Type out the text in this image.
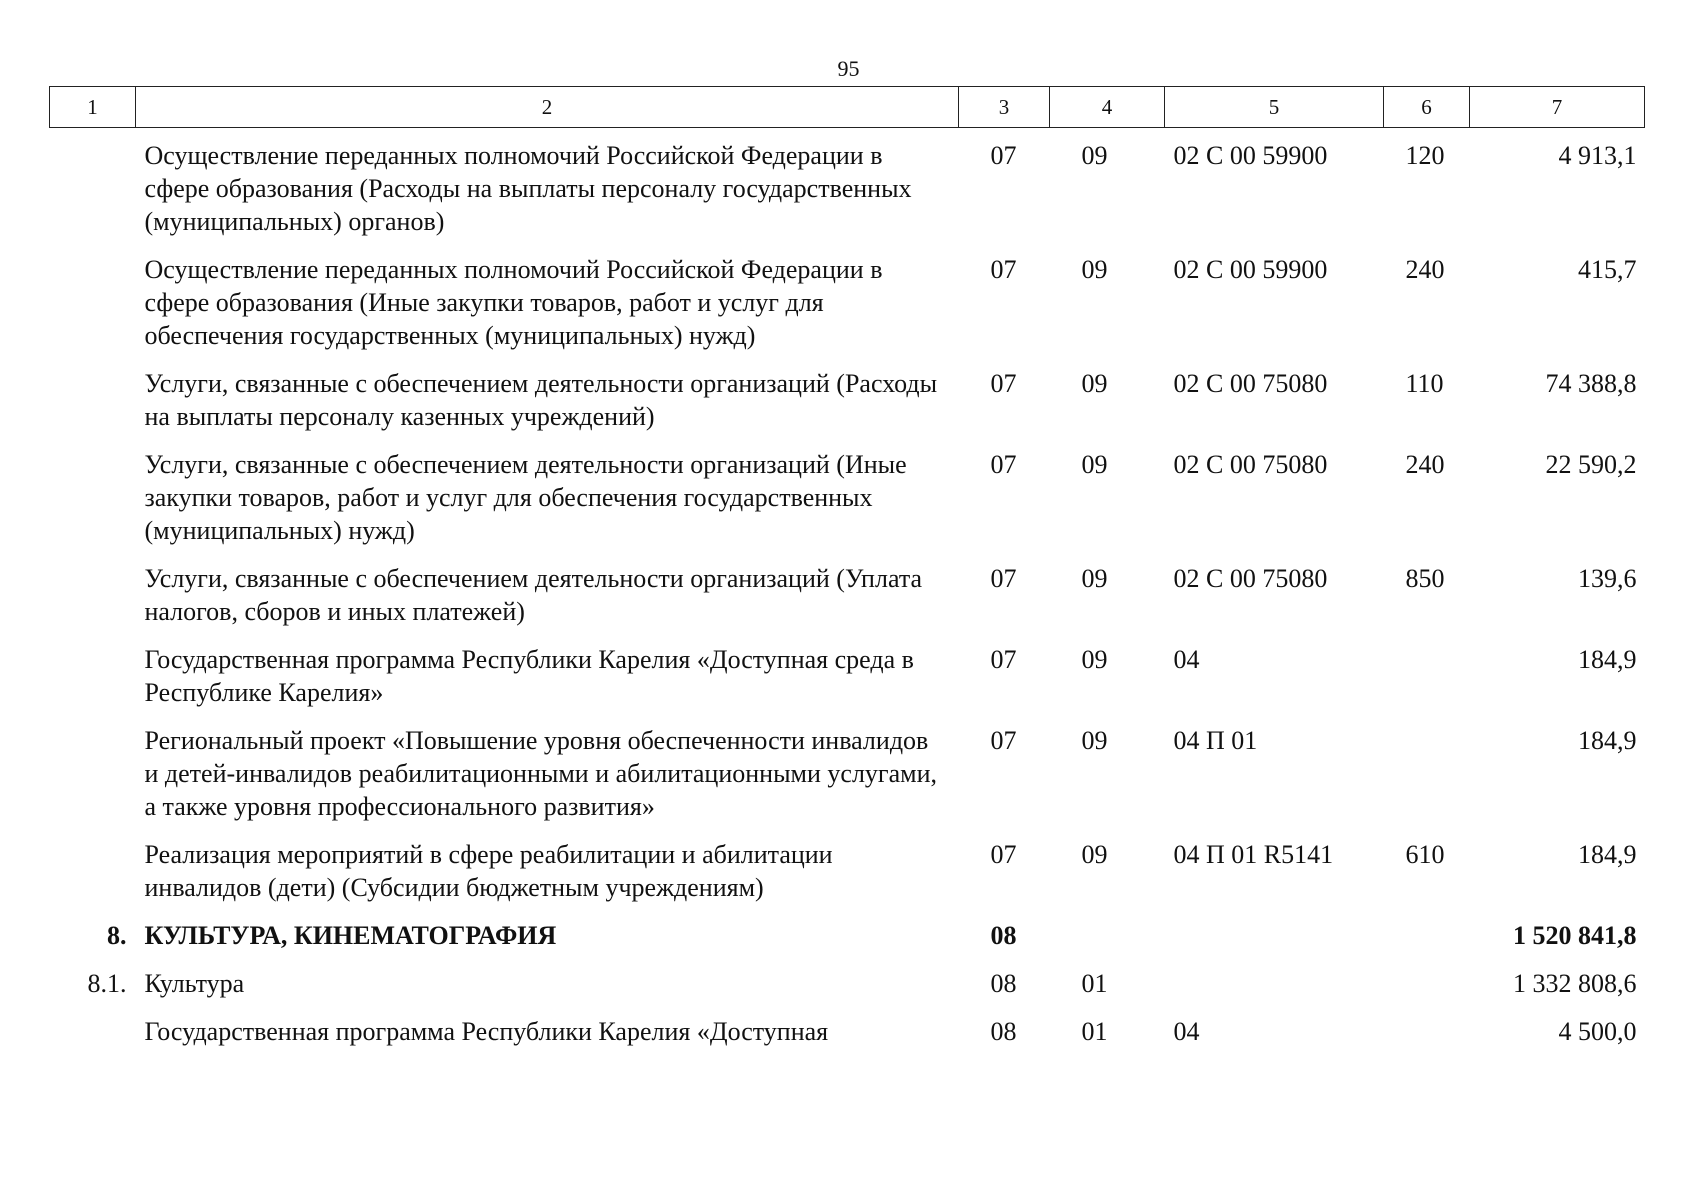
95
1	2	3	4	5	6	7
	Осуществление переданных полномочий Российской Федерации в сфере образования (Расходы на выплаты персоналу государственных (муниципальных) органов)	07	09	02 С 00 59900	120	4 913,1
	Осуществление переданных полномочий Российской Федерации в сфере образования (Иные закупки товаров, работ и услуг для обеспечения государственных (муниципальных) нужд)	07	09	02 С 00 59900	240	415,7
	Услуги, связанные с обеспечением деятельности организаций (Расходы на выплаты персоналу казенных учреждений)	07	09	02 С 00 75080	110	74 388,8
	Услуги, связанные с обеспечением деятельности организаций (Иные закупки товаров, работ и услуг для обеспечения государственных (муниципальных) нужд)	07	09	02 С 00 75080	240	22 590,2
	Услуги, связанные с обеспечением деятельности организаций (Уплата налогов, сборов и иных платежей)	07	09	02 С 00 75080	850	139,6
	Государственная программа Республики Карелия «Доступная среда в Республике Карелия»	07	09	04		184,9
	Региональный проект «Повышение уровня обеспеченности инвалидов и детей-инвалидов реабилитационными и абилитационными услугами, а также уровня профессионального развития»	07	09	04 П 01		184,9
	Реализация мероприятий в сфере реабилитации и абилитации инвалидов (дети) (Субсидии бюджетным учреждениям)	07	09	04 П 01 R5141	610	184,9
8.	КУЛЬТУРА, КИНЕМАТОГРАФИЯ	08				1 520 841,8
8.1.	Культура	08	01			1 332 808,6
	Государственная программа Республики Карелия «Доступная	08	01	04		4 500,0
